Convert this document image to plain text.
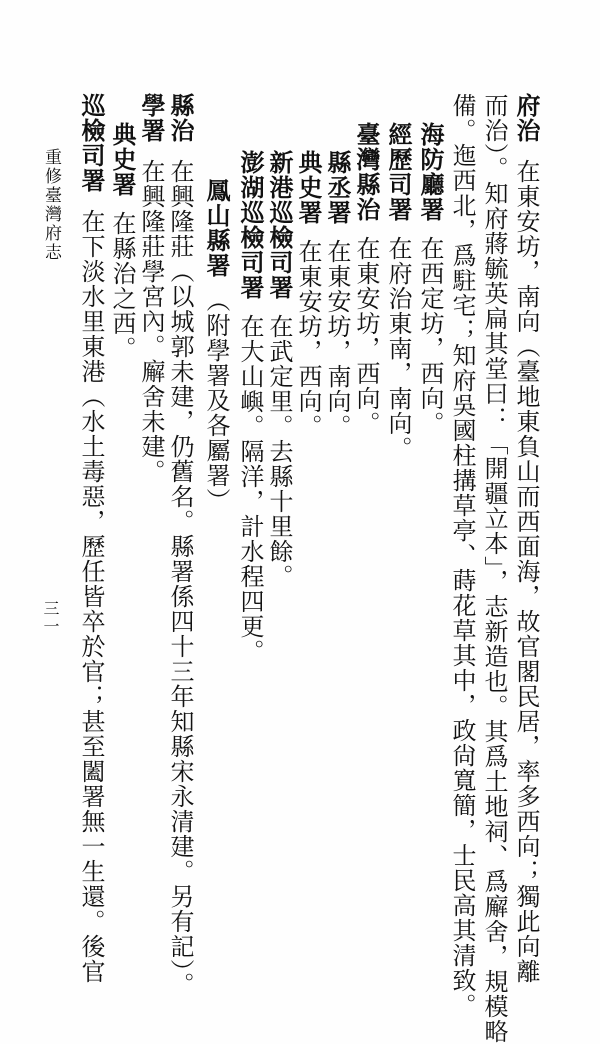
府治在東安坊，南向（臺地東負山而西面海，故官閣民居，率多西向；獨此向離
而治）。知府蔣毓英扁其堂曰：「開疆立本」，志新造也。其爲土地祠、爲廨舍，規模略
備。迤西北，爲駐宅；知府吳國柱搆草亭、蒔花草其中，政尙寬簡，士民高其清致。
海防廳署在西定坊，西向。
經歷司署在府治東南，南向。
臺灣縣治在東安坊，西向。
縣丞署在東安坊，南向。
典史署在東安坊，西向。
新港巡檢司署在武定里。去縣十里餘。
澎湖巡檢司署在大山嶼。隔洋，計水程四更。
鳳山縣署（附學署及各屬署）
縣治在興隆莊（以城郭未建，仍舊名。縣署係四十三年知縣宋永清建。另有記）。
學署在興隆莊學宮內。廨舍未建。
典史署在縣治之西。
巡檢司署在下淡水里東港（水土毒惡，歷任皆卒於官；甚至闔署無一生還。後官
重修臺灣府志
三一
